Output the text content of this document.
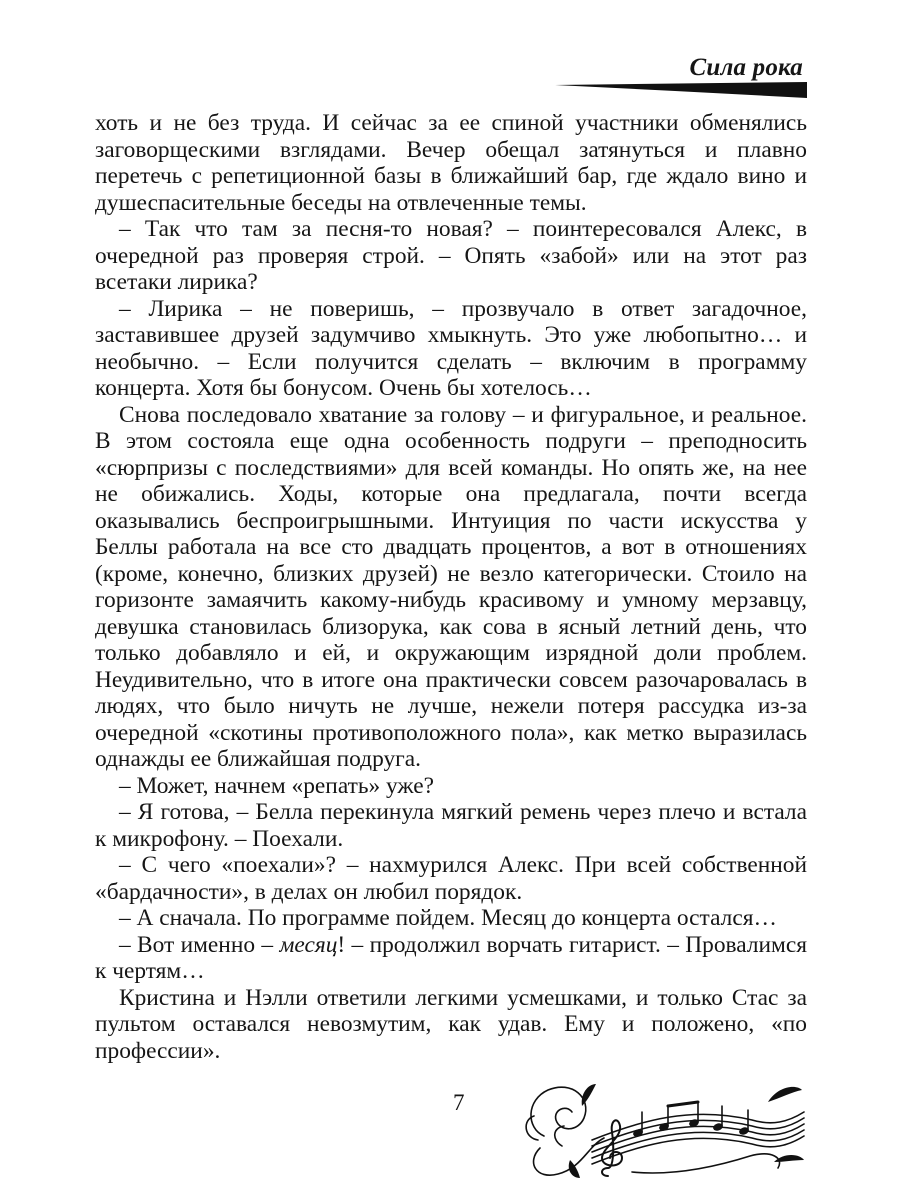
Сила рока

хоть и не без труда. И сейчас за ее спиной участники обменялись заговорщескими взглядами. Вечер обещал затянуться и плавно перетечь с репетиционной базы в ближайший бар, где ждало вино и душеспасительные беседы на отвлеченные темы.

– Так что там за песня-то новая? – поинтересовался Алекс, в очередной раз проверяя строй. – Опять «забой» или на этот раз всетаки лирика?

– Лирика – не поверишь, – прозвучало в ответ загадочное, заставившее друзей задумчиво хмыкнуть. Это уже любопытно… и необычно. – Если получится сделать – включим в программу концерта. Хотя бы бонусом. Очень бы хотелось…

Снова последовало хватание за голову – и фигуральное, и реальное. В этом состояла еще одна особенность подруги – преподносить «сюрпризы с последствиями» для всей команды. Но опять же, на нее не обижались. Ходы, которые она предлагала, почти всегда оказывались беспроигрышными. Интуиция по части искусства у Беллы работала на все сто двадцать процентов, а вот в отношениях (кроме, конечно, близких друзей) не везло категорически. Стоило на горизонте замаячить какому-нибудь красивому и умному мерзавцу, девушка становилась близорука, как сова в ясный летний день, что только добавляло и ей, и окружающим изрядной доли проблем. Неудивительно, что в итоге она практически совсем разочаровалась в людях, что было ничуть не лучше, нежели потеря рассудка из-за очередной «скотины противоположного пола», как метко выразилась однажды ее ближайшая подруга.

– Может, начнем «репать» уже?

– Я готова, – Белла перекинула мягкий ремень через плечо и встала к микрофону. – Поехали.

– С чего «поехали»? – нахмурился Алекс. При всей собственной «бардачности», в делах он любил порядок.

– А сначала. По программе пойдем. Месяц до концерта остался…

– Вот именно – месяц! – продолжил ворчать гитарист. – Провалимся к чертям…

Кристина и Нэлли ответили легкими усмешками, и только Стас за пультом оставался невозмутим, как удав. Ему и положено, «по профессии».

7
